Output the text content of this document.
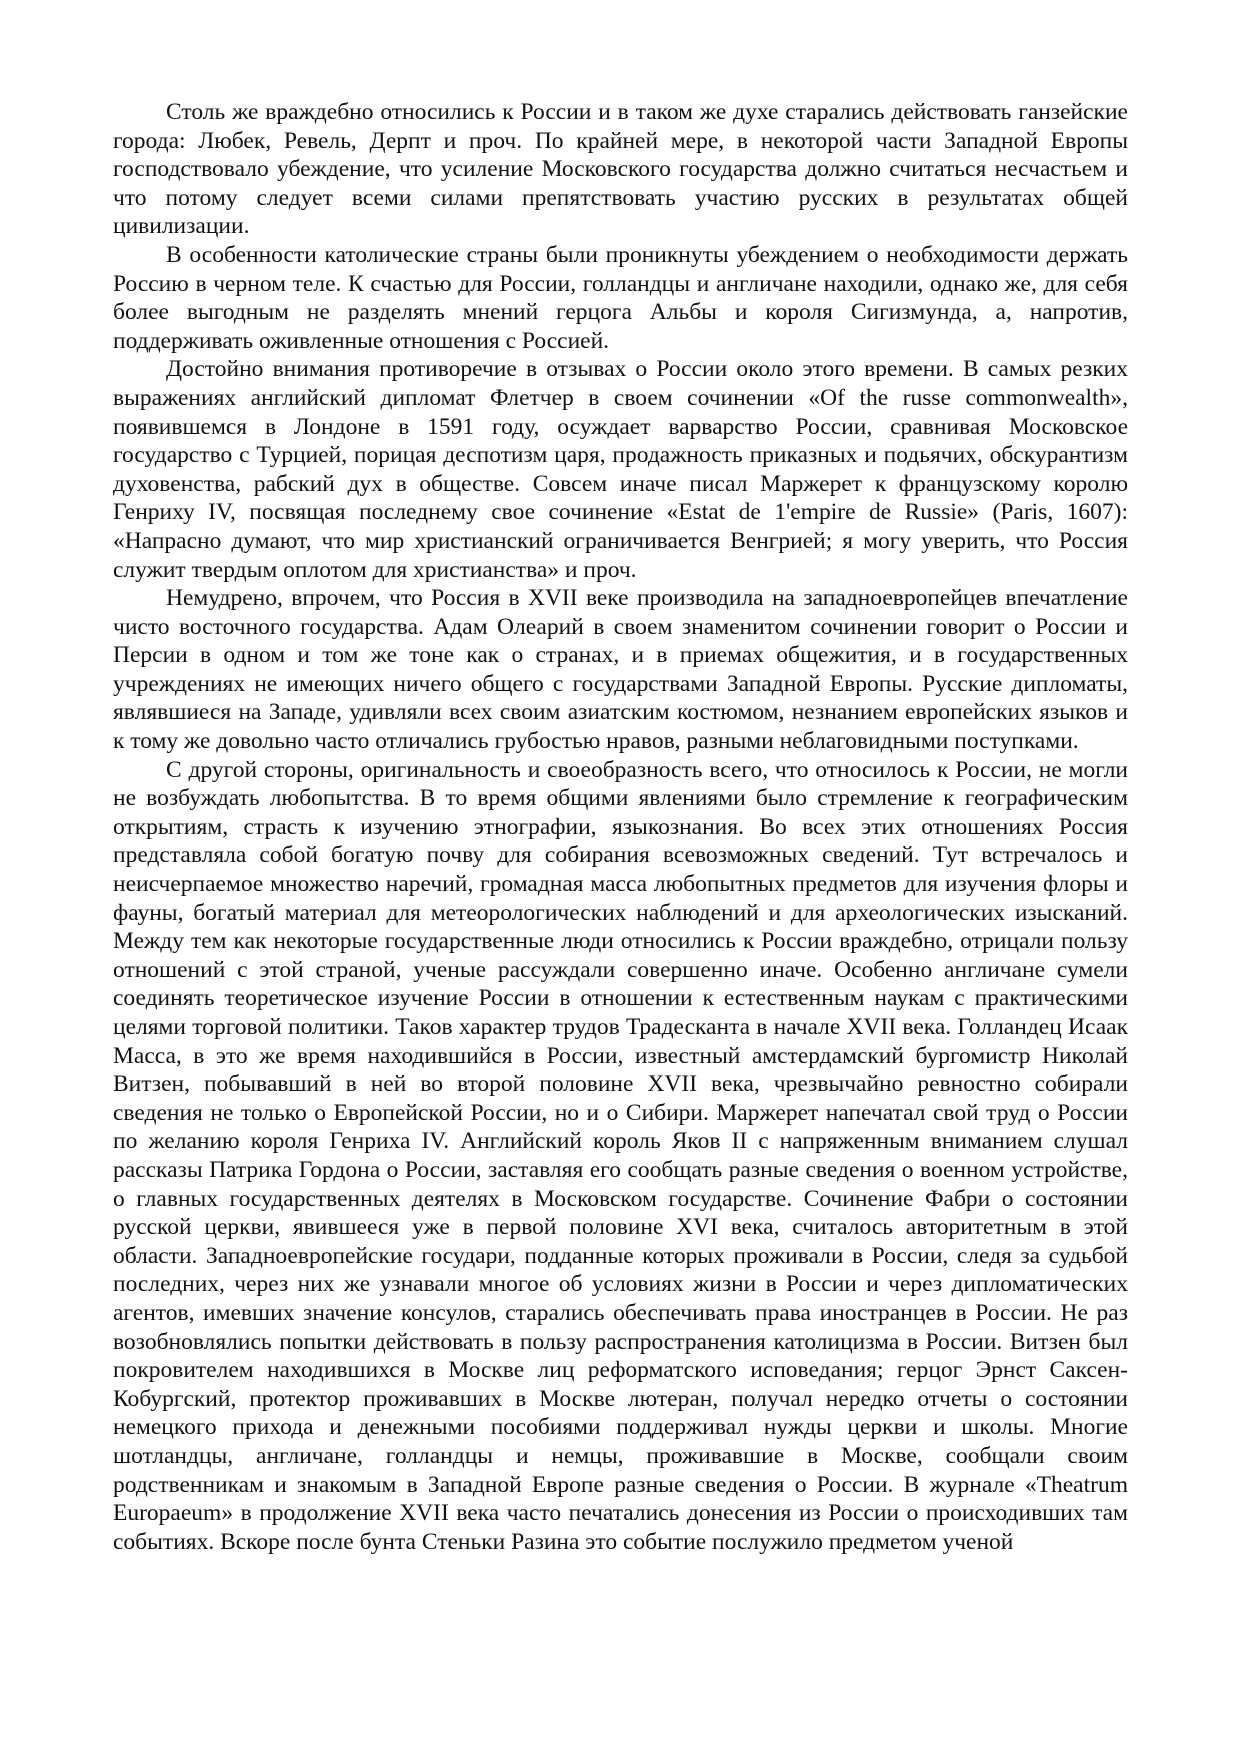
Столь же враждебно относились к России и в таком же духе старались действовать ганзейские города: Любек, Ревель, Дерпт и проч. По крайней мере, в некоторой части Западной Европы господствовало убеждение, что усиление Московского государства должно считаться несчастьем и что потому следует всеми силами препятствовать участию русских в результатах общей цивилизации.

В особенности католические страны были проникнуты убеждением о необходимости держать Россию в черном теле. К счастью для России, голландцы и англичане находили, однако же, для себя более выгодным не разделять мнений герцога Альбы и короля Сигизмунда, а, напротив, поддерживать оживленные отношения с Россией.

Достойно внимания противоречие в отзывах о России около этого времени. В самых резких выражениях английский дипломат Флетчер в своем сочинении «Of the russe commonwealth», появившемся в Лондоне в 1591 году, осуждает варварство России, сравнивая Московское государство с Турцией, порицая деспотизм царя, продажность приказных и подьячих, обскурантизм духовенства, рабский дух в обществе. Совсем иначе писал Маржерет к французскому королю Генриху IV, посвящая последнему свое сочинение «Estat de 1'empire de Russie» (Paris, 1607): «Напрасно думают, что мир христианский ограничивается Венгрией; я могу уверить, что Россия служит твердым оплотом для христианства» и проч.

Немудрено, впрочем, что Россия в XVII веке производила на западноевропейцев впечатление чисто восточного государства. Адам Олеарий в своем знаменитом сочинении говорит о России и Персии в одном и том же тоне как о странах, и в приемах общежития, и в государственных учреждениях не имеющих ничего общего с государствами Западной Европы. Русские дипломаты, являвшиеся на Западе, удивляли всех своим азиатским костюмом, незнанием европейских языков и к тому же довольно часто отличались грубостью нравов, разными неблаговидными поступками.

С другой стороны, оригинальность и своеобразность всего, что относилось к России, не могли не возбуждать любопытства. В то время общими явлениями было стремление к географическим открытиям, страсть к изучению этнографии, языкознания. Во всех этих отношениях Россия представляла собой богатую почву для собирания всевозможных сведений. Тут встречалось и неисчерпаемое множество наречий, громадная масса любопытных предметов для изучения флоры и фауны, богатый материал для метеорологических наблюдений и для археологических изысканий. Между тем как некоторые государственные люди относились к России враждебно, отрицали пользу отношений с этой страной, ученые рассуждали совершенно иначе. Особенно англичане сумели соединять теоретическое изучение России в отношении к естественным наукам с практическими целями торговой политики. Таков характер трудов Традесканта в начале XVII века. Голландец Исаак Масса, в это же время находившийся в России, известный амстердамский бургомистр Николай Витзен, побывавший в ней во второй половине XVII века, чрезвычайно ревностно собирали сведения не только о Европейской России, но и о Сибири. Маржерет напечатал свой труд о России по желанию короля Генриха IV. Английский король Яков II с напряженным вниманием слушал рассказы Патрика Гордона о России, заставляя его сообщать разные сведения о военном устройстве, о главных государственных деятелях в Московском государстве. Сочинение Фабри о состоянии русской церкви, явившееся уже в первой половине XVI века, считалось авторитетным в этой области. Западноевропейские государи, подданные которых проживали в России, следя за судьбой последних, через них же узнавали многое об условиях жизни в России и через дипломатических агентов, имевших значение консулов, старались обеспечивать права иностранцев в России. Не раз возобновлялись попытки действовать в пользу распространения католицизма в России. Витзен был покровителем находившихся в Москве лиц реформатского исповедания; герцог Эрнст Саксен-Кобургский, протектор проживавших в Москве лютеран, получал нередко отчеты о состоянии немецкого прихода и денежными пособиями поддерживал нужды церкви и школы. Многие шотландцы, англичане, голландцы и немцы, проживавшие в Москве, сообщали своим родственникам и знакомым в Западной Европе разные сведения о России. В журнале «Theatrum Europaeum» в продолжение XVII века часто печатались донесения из России о происходивших там событиях. Вскоре после бунта Стеньки Разина это событие послужило предметом ученой
